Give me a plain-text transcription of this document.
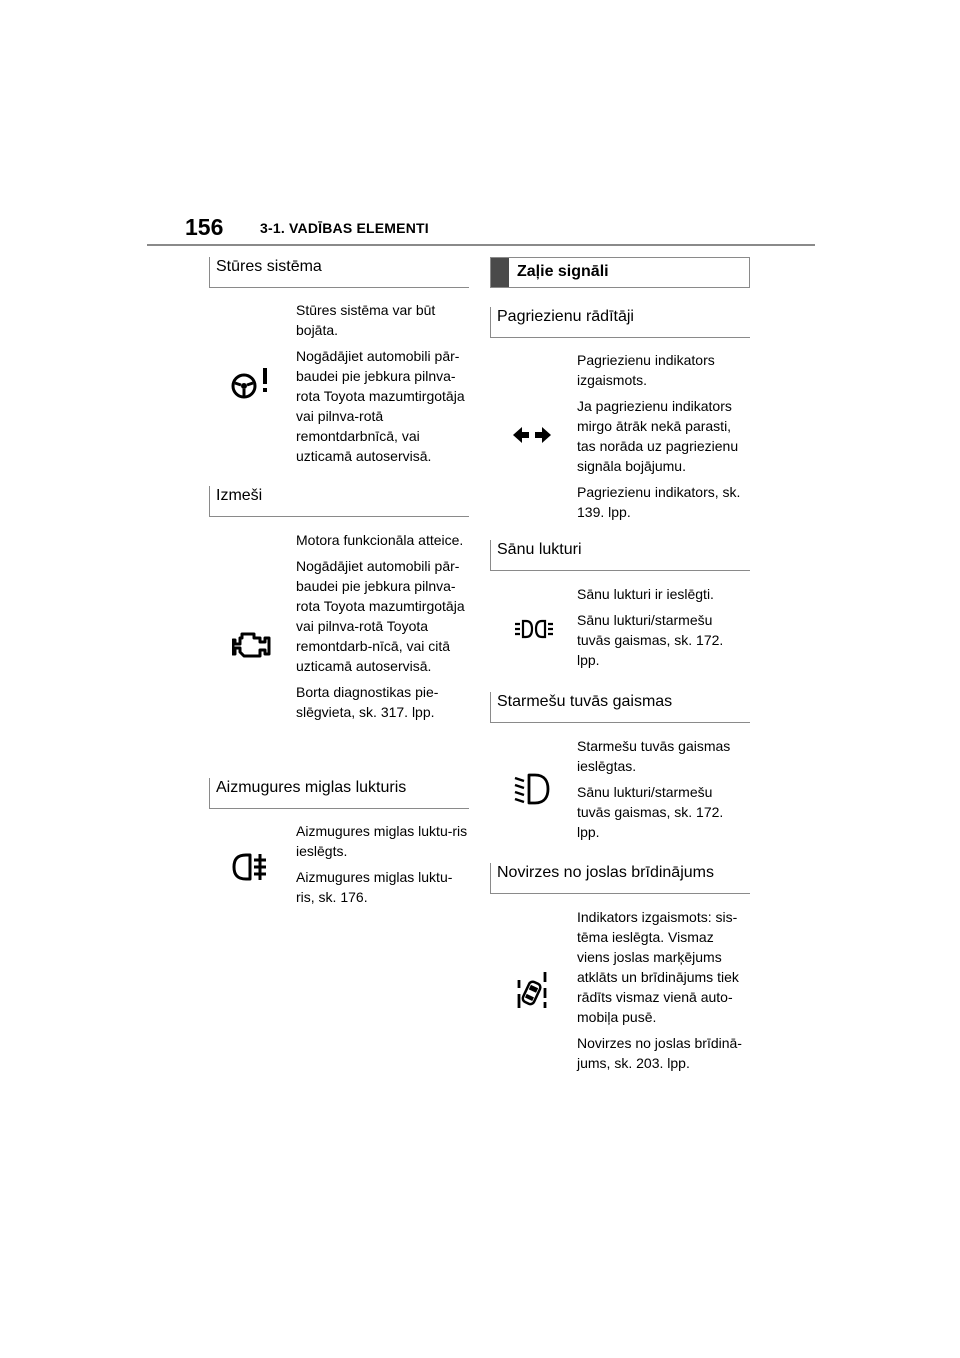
156	3-1. VADĪBAS ELEMENTI
Stūres sistēma

Stūres sistēma var būt bojāta.

Nogādājiet automobili pār-baudei pie jebkura pilnva-rota Toyota mazumtirgotāja vai pilnva-rotā remontdarbnīcā, vai uzticamā autoservisā.

Izmeši

Motora funkcionāla atteice.

Nogādājiet automobili pār-baudei pie jebkura pilnva-rota Toyota mazumtirgotāja vai pilnva-rotā Toyota remontdarb-nīcā, vai citā uzticamā autoservisā.

Borta diagnostikas pie-slēgvieta, sk. 317. lpp.

Aizmugures miglas lukturis

Aizmugures miglas luktu-ris ieslēgts.

Aizmugures miglas luktu-ris, sk. 176.

Zaļie signāli
Pagriezienu rādītāji

Pagriezienu indikators izgaismots.

Ja pagriezienu indikators mirgo ātrāk nekā parasti, tas norāda uz pagriezienu signāla bojājumu.

Pagriezienu indikators, sk. 139. lpp.

Sānu lukturi

Sānu lukturi ir ieslēgti.

Sānu lukturi/starmešu tuvās gaismas, sk. 172. lpp.

Starmešu tuvās gaismas

Starmešu tuvās gaismas ieslēgtas.

Sānu lukturi/starmešu tuvās gaismas, sk. 172. lpp.

Novirzes no joslas brīdinājums

Indikators izgaismots: sis-tēma ieslēgta. Vismaz viens joslas marķējums atklāts un brīdinājums tiek rādīts vismaz vienā auto-mobiļa pusē.

Novirzes no joslas brīdinā-jums, sk. 203. lpp.
